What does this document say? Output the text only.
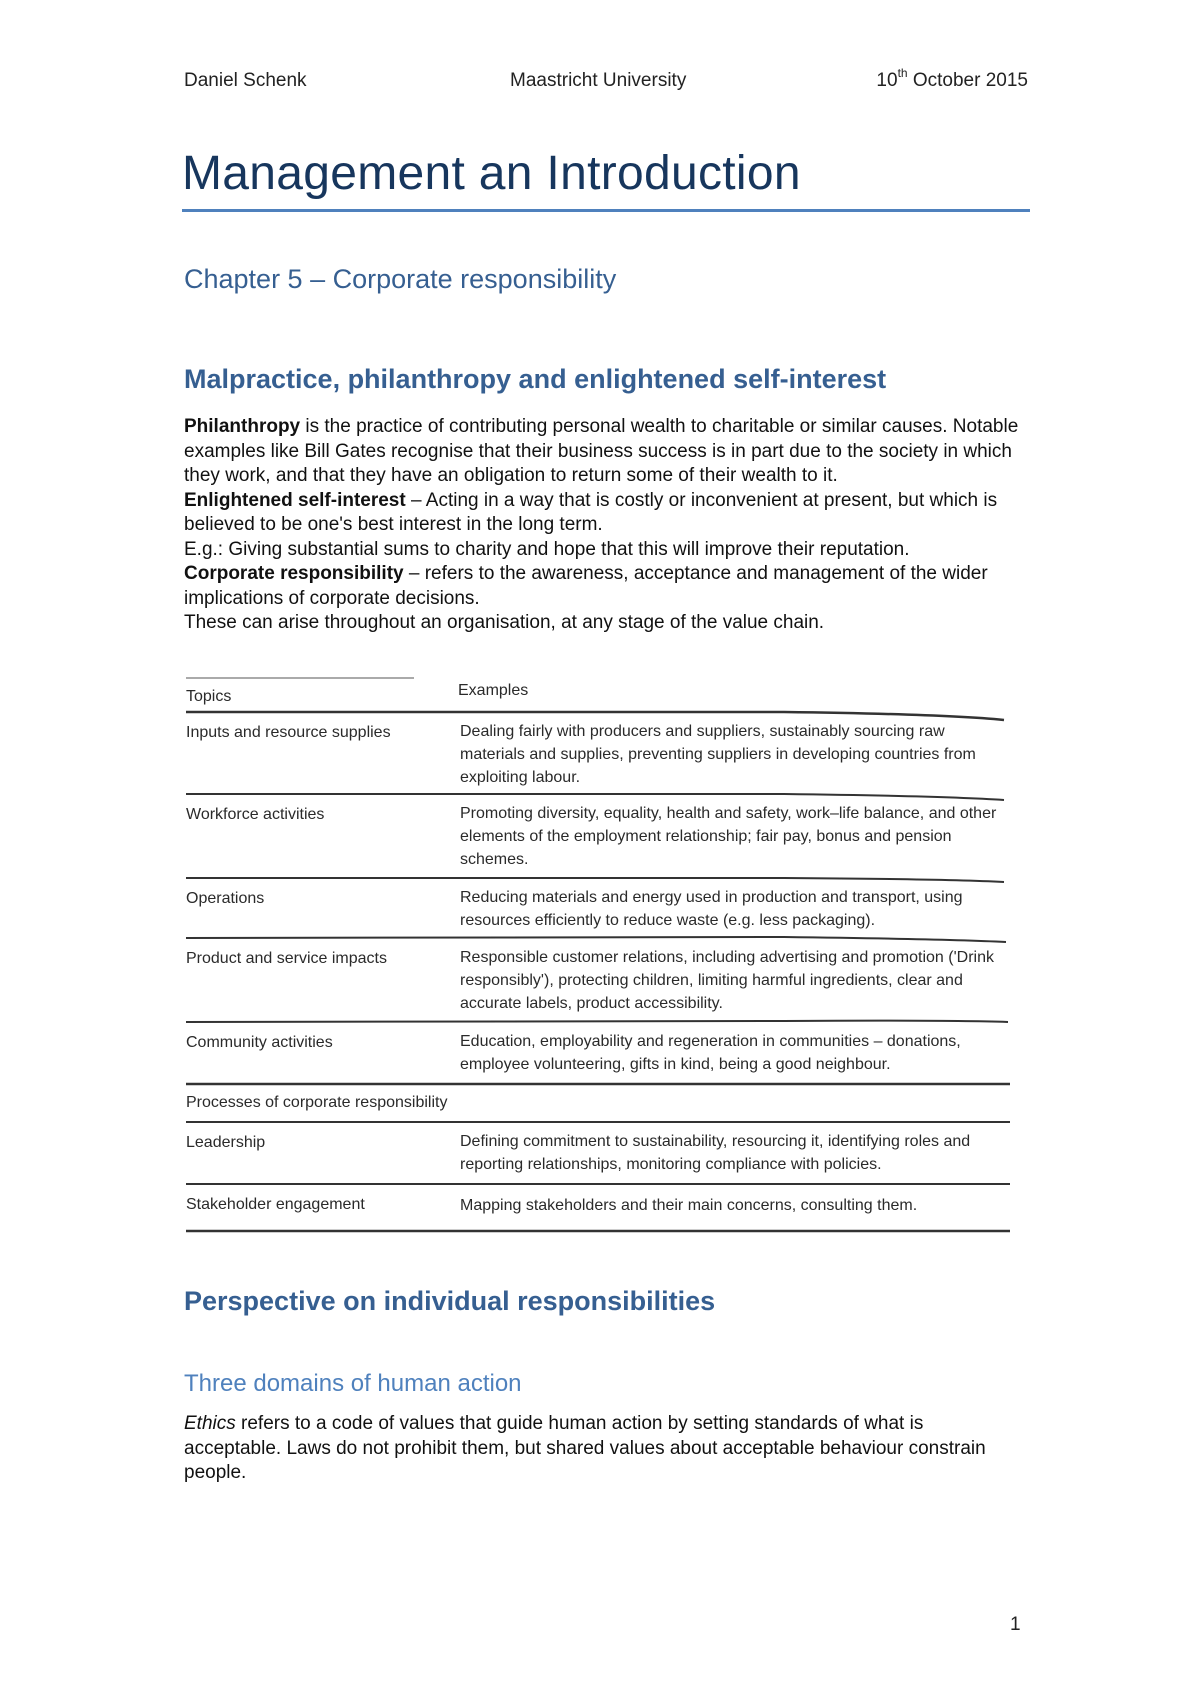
Daniel Schenk	Maastricht University	10th October 2015
Management an Introduction
Chapter 5 – Corporate responsibility
Malpractice, philanthropy and enlightened self-interest

Philanthropy is the practice of contributing personal wealth to charitable or similar causes. Notable examples like Bill Gates recognise that their business success is in part due to the society in which they work, and that they have an obligation to return some of their wealth to it.

Enlightened self-interest – Acting in a way that is costly or inconvenient at present, but which is believed to be one's best interest in the long term.

E.g.: Giving substantial sums to charity and hope that this will improve their reputation.

Corporate responsibility – refers to the awareness, acceptance and management of the wider implications of corporate decisions.

These can arise throughout an organisation, at any stage of the value chain.

Topics	Examples
Inputs and resource supplies	Dealing fairly with producers and suppliers, sustainably sourcing raw materials and supplies, preventing suppliers in developing countries from exploiting labour.
Workforce activities	Promoting diversity, equality, health and safety, work–life balance, and other elements of the employment relationship; fair pay, bonus and pension schemes.
Operations	Reducing materials and energy used in production and transport, using resources efficiently to reduce waste (e.g. less packaging).
Product and service impacts	Responsible customer relations, including advertising and promotion ('Drink responsibly'), protecting children, limiting harmful ingredients, clear and accurate labels, product accessibility.
Community activities	Education, employability and regeneration in communities – donations, employee volunteering, gifts in kind, being a good neighbour.
Processes of corporate responsibility
Leadership	Defining commitment to sustainability, resourcing it, identifying roles and reporting relationships, monitoring compliance with policies.
Stakeholder engagement	Mapping stakeholders and their main concerns, consulting them.
Perspective on individual responsibilities
Three domains of human action

Ethics refers to a code of values that guide human action by setting standards of what is acceptable. Laws do not prohibit them, but shared values about acceptable behaviour constrain people.

1
